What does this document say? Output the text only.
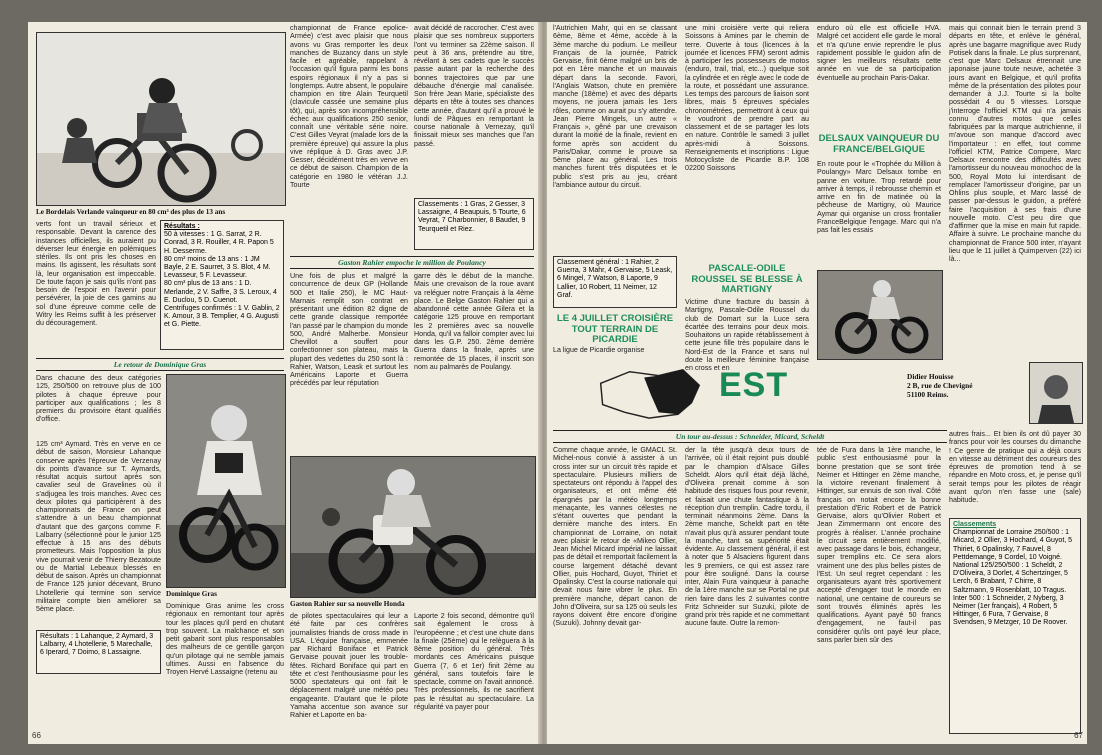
Le Bordelais Verlande vainqueur en 80 cm³ des plus de 13 ans

verts font un travail sérieux et responsable. Devant la carence des instances officielles, ils auraient pu déverser leur énergie en polémiques stériles. Ils ont pris les choses en mains. Ils agissent, les résultats sont là, leur organisation est impeccable. De toute façon je sais qu'ils n'ont pas besoin de l'espoir en l'avenir pour persévérer, la joie de ces gamins au sol d'une épreuve comme celle de Witry les Reims suffit à les préserver du découragement.

Résultats :
50 à vitesses : 1 G. Sarrat, 2 R. Conrad, 3 R. Rouiller, 4 R. Papon 5 H. Desserme.
80 cm³ moins de 13 ans : 1 JM Bayle, 2 E. Saurret, 3 S. Blot, 4 M. Levasseur, 5 F. Levasseur.
80 cm³ plus de 13 ans : 1 D. Merlande, 2 V. Saffre, 3 S. Leroux, 4 E. Duclou, 5 D. Cuenot.
Centrifuges confirmés : 1 V. Gablin, 2 K. Amour, 3 B. Templier, 4 G. Augusti et G. Piette.

championnat de France epolice-Armée) c'est avec plaisir que nous avons vu Gras remporter les deux manches de Buzancy dans un style facile et agréable, rappelant à l'occasion qu'il figura parmi les bons espoirs régionaux il n'y a pas si longtemps. Autre absent, le populaire champion en titre Alain Teurquetil (clavicule cassée une semaine plus tôt), qui, après son incompréhensible échec aux qualifications 250 senior, connaît une véritable série noire. C'est Gilles Veyrat (malade lors de la première épreuve) qui assure la plus vive réplique à D. Gras avec J.P. Gesser, décidément très en verve en ce début de saison. Champion de la catégorie en 1980 le vétéran J.J. Tourte

avait décidé de raccrocher. C'est avec plaisir que ses nombreux supporters l'ont vu terminer sa 22ème saison. Il peut à 36 ans, prétendre au titre, révélant à ses cadets que le succès passe autant par la recherche des bonnes trajectoires que par une débauche d'énergie mal canalisée. Son frère Jean Marie, spécialiste des départs en tête à toutes ses chances cette année, d'autant qu'il a prouvé le lundi de Pâques en remportant la course nationale à Vernezay, qu'il finissait mieux ses manches que l'an passé.

Classements : 1 Gras, 2 Gesser, 3 Lassaigne, 4 Beaupuis, 5 Tourte, 6 Veyrat, 7 Charbonnier, 8 Baudet, 9 Teurquetil et Riez.
Gaston Rahier empoche le million de Poulancy

Une fois de plus et malgré la concurrence de deux GP (Hollande 500 et Italie 250), le MC Haut-Marnais remplit son contrat en présentant une édition 82 digne de cette grande classique remportée l'an passé par le champion du monde 500, André Malherbe. Monsieur Chevillot a souffert pour confectionner son plateau, mais la plupart des vedettes du 250 sont là : Rahier, Watson, Leask et surtout les Américains Laporte et Guerra précédés par leur réputation

garre dès le début de la manche. Mais une crevaison de la roue avant va reléguer notre Français à la 4ème place. Le Belge Gaston Rahier qui a abandonné cette année Gilera et la catégorie 125 prouve en remportant les 2 premières avec sa nouvelle Honda, qu'il va falloir compter avec lui dans les G.P. 250. 2ème derrière Guerra dans la finale, après une remontée de 15 places, il inscrit son nom au palmarès de Poulangy.

Le retour de Dominique Gras

Dans chacune des deux catégories 125, 250/500 on retrouve plus de 100 pilotes à chaque épreuve pour participer aux qualifications ; les 8 premiers du provisoire étant qualifiés d'office.

125 cm³ Aymard. Très en verve en ce début de saison, Monsieur Lahanque conserve après l'épreuve de Verzenay dix points d'avance sur T. Aymards, résultat acquis surtout après son cavalier seul de Gravelines où il s'adjugea les trois manches. Avec ces deux pilotes qui participèrent à des championnats de France on peut s'attendre à un beau championnat d'autant que des garçons comme F. Lalbarry (sélectionné pour le junior 125 effectue à 15 ans des débuts prometteurs. Mais l'opposition la plus vive pourrait venir de Thierry Bezatoute ou de Martial Lebeaux blessés en début de saison. Après un championnat de France 125 junior décevant, Bruno Lhotellerie qui termine son service militaire compte bien améliorer sa 5ème place.

Résultats : 1 Lahanque, 2 Aymard, 3 Lalbarry, 4 Lhotellerie, 5 Marechalle, 6 Iperard, 7 Doimo, 8 Lassaigne.
Dominique Gras

Dominique Gras anime les cross régionaux en remontant tour après tour les places qu'il perd en chutant trop souvent. La malchance et son petit gabarit sont plus responsables des malheurs de ce gentille garçon qu'un pilotage qui ne semble jamais ultimes. Aussi en l'absence du Troyen Hervé Lassaigne (retenu au

Gaston Rahier sur sa nouvelle Honda

de pilotes spectaculaires qui leur a été faite par ces confrères journalistes friands de cross made in USA. L'équipe française, emmenée par Richard Boniface et Patrick Gervaise pouvait jouer les trouble-fêtes. Richard Boniface qui part en tête et c'est l'enthousiasme pour les 5000 spectateurs qui ont fait le déplacement malgré une météo peu engageante. D'autant que le pilote Yamaha accentue son avance sur Rahier et Laporte en ba-

Laporte 2 fois second, démontre qu'il sait également le cross à l'européenne ; et c'est une chute dans la finale (25ème) qui le relèguera à la 8ème position du général. Très mordants ces Américains puisque Guerra (7, 6 et 1er) finit 2ème au général, sans toutefois faire le spectacle, comme on l'avait annoncé. Très professionnels, ils ne sacrifient pas le résultat au spectaculaire. La régularité va payer pour

66

l'Autrichien Mahr, qui en se classant 6ème, 8ème et 4ème, accède à la 3ème marche du podium. Le meilleur Français de la journée, Patrick Gervaise, finit 6ème malgré un bris de pot en 1ère manche et un mauvais départ dans la seconde. Favori, l'Anglais Watson, chute en première manche (18ème) et avec des départs moyens, ne jouera jamais les 1ers rôles, comme on aurait pu s'y attendre. Jean Pierre Mingels, un autre « Français », gêné par une crevaison durant la moitié de la finale, revient en forme après son accident du Paris/Dakar, comme le prouve sa 5ème place au général. Les trois manches furent très disputées et le public s'est pris au jeu, créant l'ambiance autour du circuit.

Classement général : 1 Rahier, 2 Guerra, 3 Mahr, 4 Gervaise, 5 Leask, 6 Mingel, 7 Watson, 8 Laporte, 9 Lallier, 10 Robert, 11 Neimer, 12 Graf.

une mini croisière verte qui reliera Soissons à Amines par le chemin de terre. Ouverte à tous (licences à la journée et licences FFM) seront admis à participer les possesseurs de motos (enduro, trail, trial, etc...) quelque soit la cylindrée et en règle avec le code de la route, et possédant une assurance. Les temps des parcours de liaison sont libres, mais 5 épreuves spéciales chronométrées, permettront à ceux qui le voudront de prendre part au classement et de se partager les lots en nature. Contrôle le samedi 3 juillet après-midi à Soissons. Renseignements et inscriptions : Ligue Motocycliste de Picardie B.P. 108 02200 Soissons

LE 4 JUILLET CROISIÈRE TOUT TERRAIN DE PICARDIE

La ligue de Picardie organise

enduro où elle est officielle HVA. Malgré cet accident elle garde le moral et n'a qu'une envie reprendre le plus rapidement possible le guidon afin de signer les meilleurs résultats cette année en vue de sa participation éventuelle au prochain Paris-Dakar.

PASCALE-ODILE ROUSSEL SE BLESSE À MARTIGNY

Victime d'une fracture du bassin à Martigny, Pascale-Odile Roussel du club de Domart sur la Luce sera écartée des terrains pour deux mois. Souhaitons un rapide rétablissement à cette jeune fille très populaire dans le Nord-Est de la France et sans nul doute la meilleure féminine française en cross et en

DELSAUX VAINQUEUR DU FRANCE/BELGIQUE

En route pour le «Trophée du Million à Poulangy» Marc Delsaux tombe en panne en voiture. Trop retardé pour arriver à temps, il rebrousse chemin et arrive en fin de matinée où la pêcheuse de Martigny, où Maurice Aymar qui organise un cross frontalier FranceBelgique l'engage. Marc qui n'a pas fait les essais

mais qui connait bien le terrain prend 3 départs en tête, et enlève le général, après une bagarre magnifique avec Rudy Potisek dans la finale. Le plus surprenant, c'est que Marc Delsaux étrennait une japonaise jaune toute neuve, achetée 3 jours avant en Belgique, et qu'il profita même de la présentation des pilotes pour demander à J.J. Tourte si la boîte possédait 4 ou 5 vitesses. Lorsque j'interroge l'officiel KTM qui n'a jamais connu d'autres motos que celles fabriquées par la marque autrichienne, il m'avoue son manque d'accord avec l'importateur : en effet, tout comme l'officiel KTM, Patrice Compere, Marc Delsaux rencontre des difficultés avec l'amortisseur du nouveau monochoc de la 500, Royal Moto lui interdisant de remplacer l'amortisseur d'origine, par un Ohlins plus souple, et Marc lassé de passer par-dessus le guidon, a préféré faire l'acquisition à ses frais d'une nouvelle moto. C'est peu dire que d'affirmer que la mise en main fut rapide. Affaire à suivre. Le prochaine manche du championnat de France 500 inter, n'ayant lieu que le 11 juillet à Quimperven (22) ici là...

EST	Didier Houisse
2 B, rue de Chevigné
51100 Reims.
Un tour au-dessus : Schneider, Micard, Scheldt

Comme chaque année, le GMACL St. Michel-nous convié à assister à un cross inter sur un circuit très rapide et spectaculaire. Plusieurs milliers de spectateurs ont répondu à l'appel des organisateurs, et ont même été épargnés par la météo longtemps menaçante, les vannes célestes ne s'étant ouvertes que pendant la dernière manche des inters. En championnat de Lorraine, on notait avec plaisir le retour de «Mikeo Ollier, Jean Michel Micard impérial ne laissait pas de détail et remportait facilement la course largement détaché devant Ollier, puis Hochard, Guyot, Thiriet et Opalinsky. C'est la course nationale qui devait nous faire vibrer le plus. En première manche, départ canon de John d'Oliveira, sur sa 125 où seuls les rayons doivent être encore d'origine (Suzuki). Johnny devait gar-

der la tête jusqu'à deux tours de l'arrivée, où il était rejoint puis doublé par le champion d'Alsace Gilles Scheldt. Alors qu'il était déjà lâché, d'Oliveira prenait comme à son habitude des risques fous pour revenir, et faisait une chute fantastique à la réception d'un tremplin. Cadre tordu, il terminait néanmoins 2ème. Dans la 2ème manche, Scheldt part en tête n'avait plus qu'à assurer pendant toute la manche, tant sa supériorité était évidente. Au classement général, il est à noter que 5 Alsaciens figurent dans les 9 premiers, ce qui est assez rare pour être souligné. Dans la course inter, Alain Fura vainqueur à panache de la 1ère manche sur se Portal ne put rien faire dans les 2 suivantes contre Fritz Schneider sur Suzuki, pilote de grand prix très rapide et ne commettant aucune faute. Outre la remon-

tée de Fura dans la 1ère manche, le public s'est enthousiasmé pour la bonne prestation que se sont tirée Neimer et Hittinger en 2ème manche, la victoire revenant finalement à Hittinger, sur ennuis de son rival. Côté français on notait encore la bonne prestation d'Eric Robert et de Patrick Gervaise, alors qu'Olivier Robert et Jean Zimmermann ont encore des progrès à réaliser. L'année prochaine le circuit sera entièrement modifié, avec passage dans le bois, échangeur, super tremplins etc. Ce sera alors vraiment une des plus belles pistes de l'Est. Un seul regret cependant : les organisateurs ayant très sportivement accepté d'engager tout le monde en national, une centaine de coureurs se sont trouvés éliminés après les qualifications. Ayant payé 50 francs d'engagement, ne faut-il pas considérer qu'ils ont payé leur place, sans parler bien sûr des

autres frais... Et bien ils ont dû payer 30 francs pour voir les courses du dimanche ! Ce genre de pratique qui a déjà cours en vitesse au détriment des coureurs des épreuves de promotion tend à se répandre en Moto cross, et, je pense qu'il serait temps pour les pilotes de réagir avant qu'on n'en fasse une (sale) habitude.

Classements
Championnat de Lorraine 250/500 : 1 Micard, 2 Ollier, 3 Hochard, 4 Guyot, 5 Thiriet, 6 Opalinsky, 7 Fauvel, 8 Pettdemange, 9 Cordel, 10 Voigné.
National 125/250/500 : 1 Scheldt, 2 D'Oliveira, 3 Dorlet, 4 Schertzinger, 5 Lerch, 6 Brabant, 7 Chirre, 8 Saltzmann, 9 Rosenblatt, 10 Tragus.
Inter 500 : 1 Schneider, 2 Nyberg, 3 Neimer (1er français), 4 Robert, 5 Hittinger, 6 Fura, 7 Gervaise, 8 Svendsen, 9 Metzger, 10 De Roover.
67
